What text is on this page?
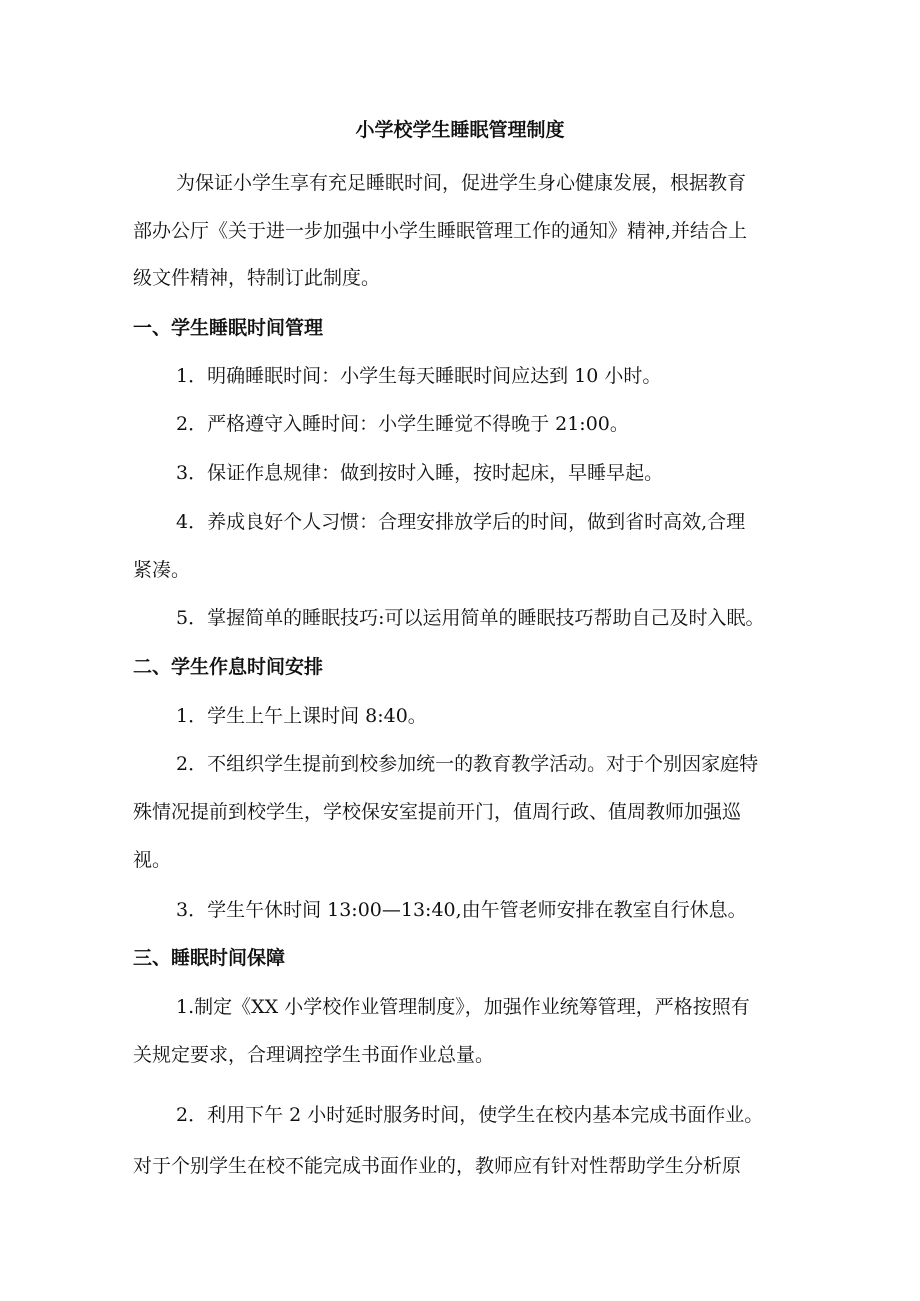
小学校学生睡眠管理制度
为保证小学生享有充足睡眠时间，促进学生身心健康发展，根据教育
部办公厅《关于进一步加强中小学生睡眠管理工作的通知》精神,并结合上
级文件精神，特制订此制度。
一、学生睡眠时间管理
1．明确睡眠时间：小学生每天睡眠时间应达到 10 小时。
2．严格遵守入睡时间：小学生睡觉不得晚于 21:00。
3．保证作息规律：做到按时入睡，按时起床，早睡早起。
4．养成良好个人习惯：合理安排放学后的时间，做到省时高效,合理
紧凑。
5．掌握简单的睡眠技巧:可以运用简单的睡眠技巧帮助自己及时入眠。
二、学生作息时间安排
1．学生上午上课时间 8:40。
2．不组织学生提前到校参加统一的教育教学活动。对于个别因家庭特
殊情况提前到校学生，学校保安室提前开门，值周行政、值周教师加强巡
视。
3．学生午休时间 13:00—13:40,由午管老师安排在教室自行休息。
三、睡眠时间保障
1.制定《XX 小学校作业管理制度》，加强作业统筹管理，严格按照有
关规定要求，合理调控学生书面作业总量。
2．利用下午 2 小时延时服务时间，使学生在校内基本完成书面作业。
对于个别学生在校不能完成书面作业的，教师应有针对性帮助学生分析原
